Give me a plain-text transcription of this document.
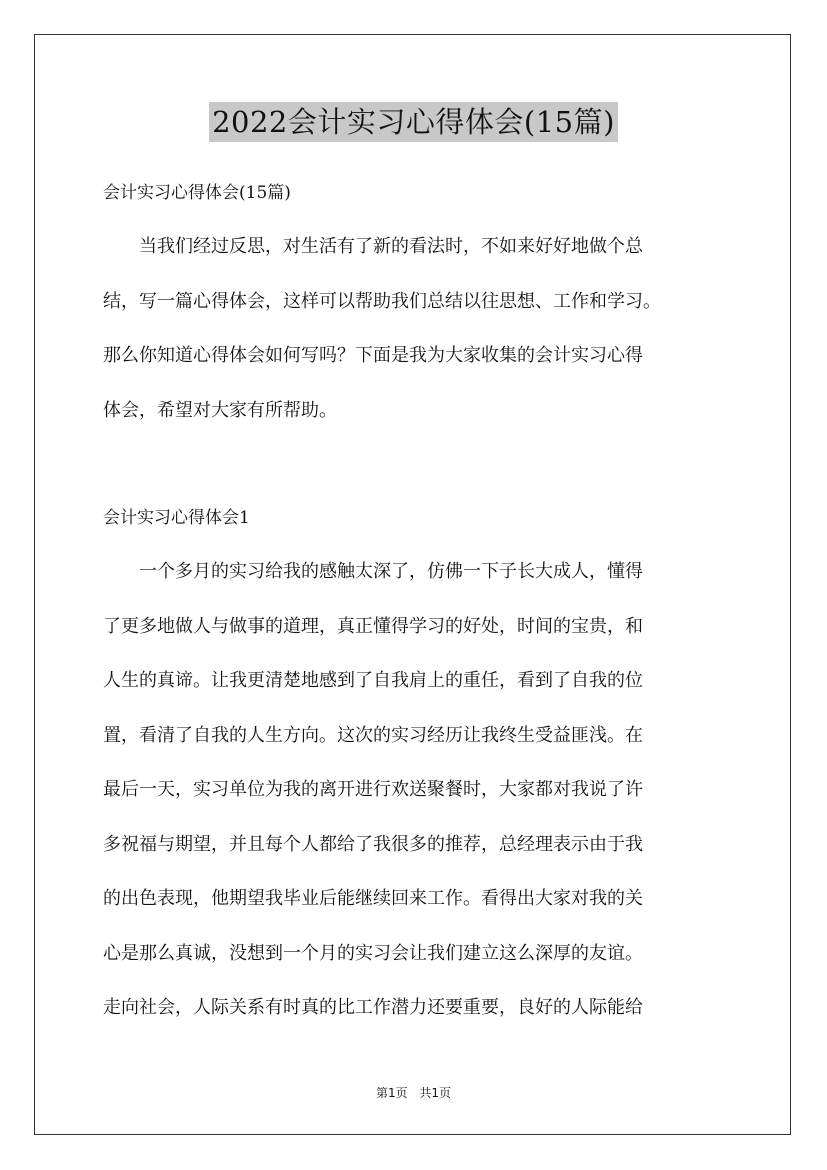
2022会计实习心得体会(15篇)
会计实习心得体会(15篇)
　　当我们经过反思，对生活有了新的看法时，不如来好好地做个总
结，写一篇心得体会，这样可以帮助我们总结以往思想、工作和学习。
那么你知道心得体会如何写吗？下面是我为大家收集的会计实习心得
体会，希望对大家有所帮助。
会计实习心得体会1
　　一个多月的实习给我的感触太深了，仿佛一下子长大成人，懂得
了更多地做人与做事的道理，真正懂得学习的好处，时间的宝贵，和
人生的真谛。让我更清楚地感到了自我肩上的重任，看到了自我的位
置，看清了自我的人生方向。这次的实习经历让我终生受益匪浅。在
最后一天，实习单位为我的离开进行欢送聚餐时，大家都对我说了许
多祝福与期望，并且每个人都给了我很多的推荐，总经理表示由于我
的出色表现，他期望我毕业后能继续回来工作。看得出大家对我的关
心是那么真诚，没想到一个月的实习会让我们建立这么深厚的友谊。
走向社会，人际关系有时真的比工作潜力还要重要，良好的人际能给
第1页 共1页
